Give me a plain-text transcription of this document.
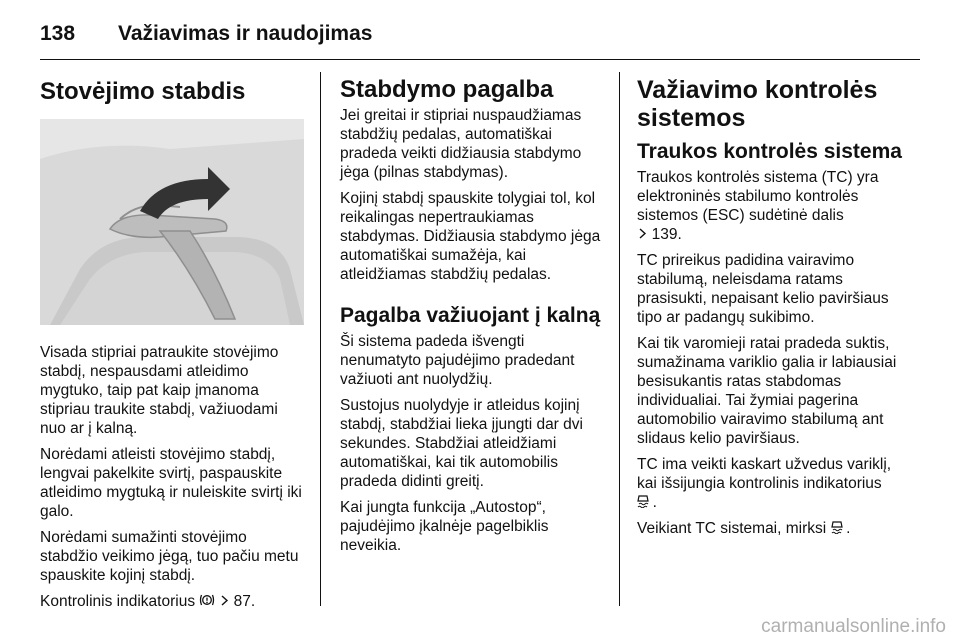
138	Važiavimas ir naudojimas
Stovėjimo stabdis

Visada stipriai patraukite stovėjimo stabdį, nespausdami atleidimo mygtuko, taip pat kaip įmanoma stipriau traukite stabdį, važiuodami nuo ar į kalną.

Norėdami atleisti stovėjimo stabdį, lengvai pakelkite svirtį, paspauskite atleidimo mygtuką ir nuleiskite svirtį iki galo.

Norėdami sumažinti stovėjimo stabdžio veikimo jėgą, tuo pačiu metu spauskite kojinį stabdį.

Kontrolinis indikatorius 87.

Stabdymo pagalba

Jei greitai ir stipriai nuspaudžiamas stabdžių pedalas, automatiškai pradeda veikti didžiausia stabdymo jėga (pilnas stabdymas).

Kojinį stabdį spauskite tolygiai tol, kol reikalingas nepertraukiamas stabdymas. Didžiausia stabdymo jėga automatiškai sumažėja, kai atleidžiamas stabdžių pedalas.

Pagalba važiuojant į kalną

Ši sistema padeda išvengti nenumatyto pajudėjimo pradedant važiuoti ant nuolydžių.

Sustojus nuolydyje ir atleidus kojinį stabdį, stabdžiai lieka įjungti dar dvi sekundes. Stabdžiai atleidžiami automatiškai, kai tik automobilis pradeda didinti greitį.

Kai jungta funkcija „Autostop“, pajudėjimo įkalnėje pagelbiklis neveikia.

Važiavimo kontrolės sistemos
Traukos kontrolės sistema

Traukos kontrolės sistema (TC) yra elektroninės stabilumo kontrolės sistemos (ESC) sudėtinė dalis
139.

TC prireikus padidina vairavimo stabilumą, neleisdama ratams prasisukti, nepaisant kelio paviršiaus tipo ar padangų sukibimo.

Kai tik varomieji ratai pradeda suktis, sumažinama variklio galia ir labiausiai besisukantis ratas stabdomas individualiai. Tai žymiai pagerina automobilio vairavimo stabilumą ant slidaus kelio paviršiaus.

TC ima veikti kaskart užvedus variklį, kai išsijungia kontrolinis indikatorius
.

Veikiant TC sistemai, mirksi .

carmanualsonline.info
